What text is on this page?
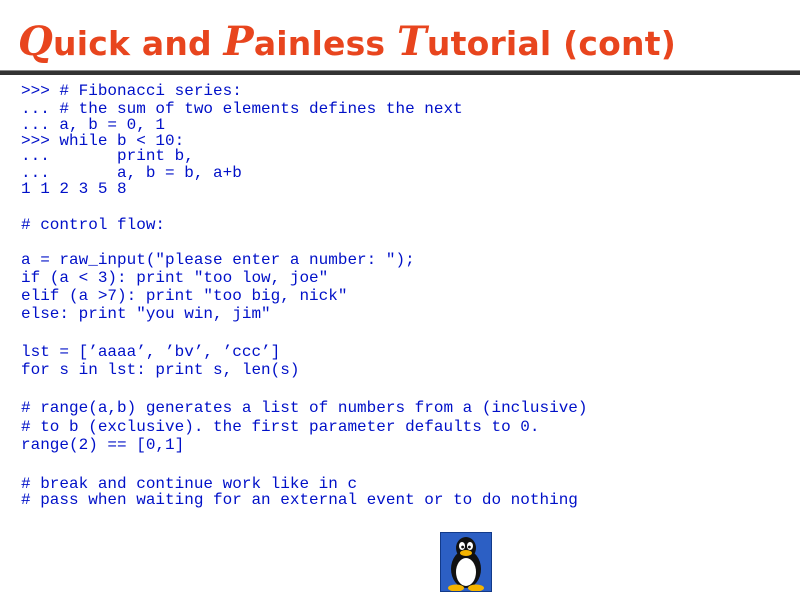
Quick and Painless Tutorial (cont)
>>> # Fibonacci series:
... # the sum of two elements defines the next
... a, b = 0, 1
>>> while b < 10:
...       print b,
...       a, b = b, a+b
1 1 2 3 5 8
# control flow:
a = raw_input("please enter a number: ");
if (a < 3): print "too low, joe"
elif (a >7): print "too big, nick"
else: print "you win, jim"
lst = [’aaaa’, ’bv’, ’ccc’]
for s in lst: print s, len(s)
# range(a,b) generates a list of numbers from a (inclusive)
# to b (exclusive). the first parameter defaults to 0.
range(2) == [0,1]
# break and continue work like in c
# pass when waiting for an external event or to do nothing
